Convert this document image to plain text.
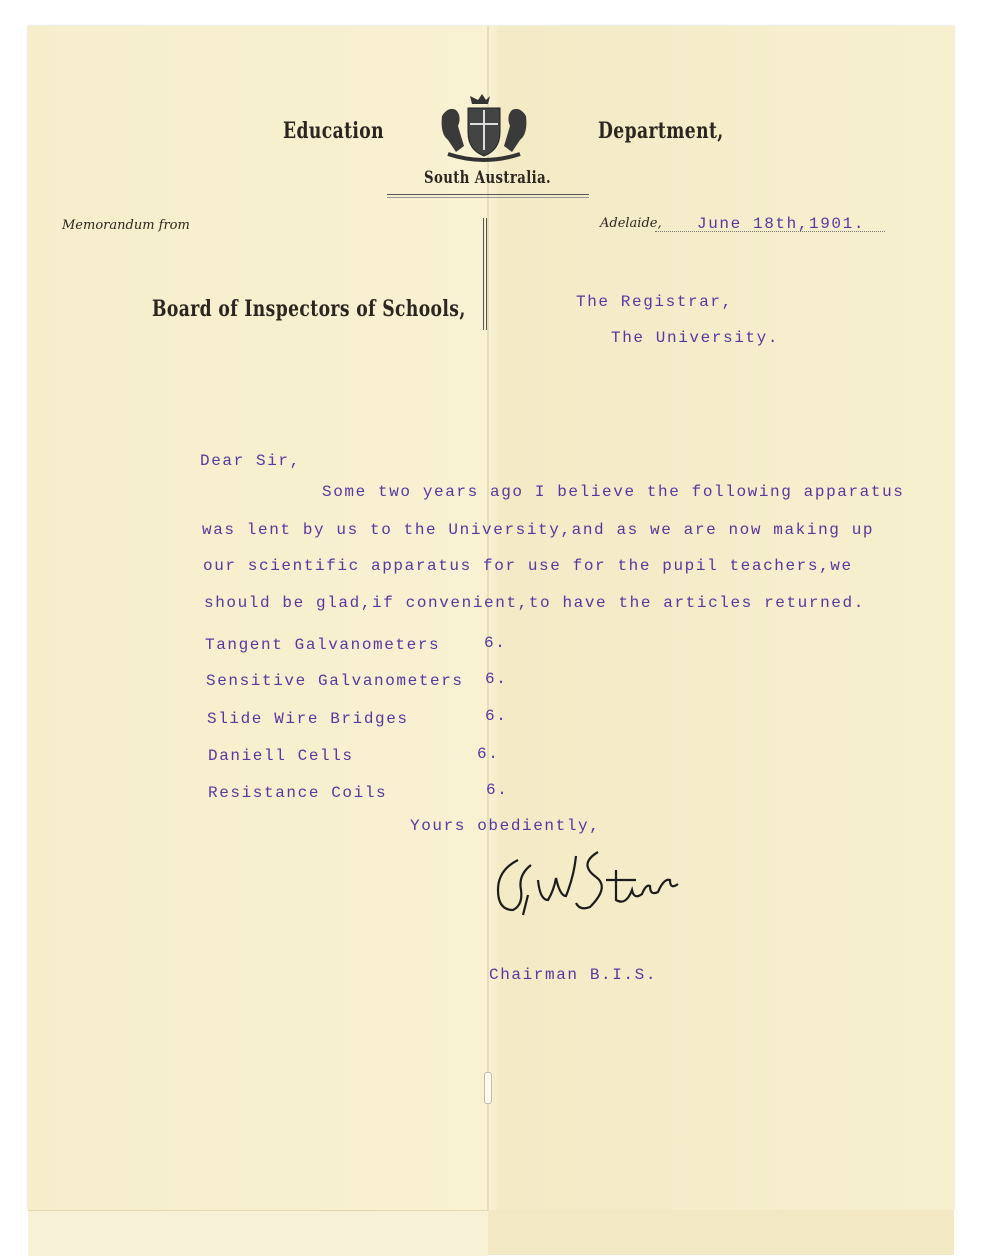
Education	Department,
South Australia.
Memorandum from	Adelaide, June 18th,1901.
Board of Inspectors of Schools,	The Registrar,
The University.
Dear Sir,
Some two years ago I believe the following apparatus
was lent by us to the University,and as we are now making up
our scientific apparatus for use for the pupil teachers,we
should be glad,if convenient,to have the articles returned.
Tangent Galvanometers	6.
Sensitive Galvanometers 6.
Slide Wire Bridges	6.
Daniell Cells	6.
Resistance Coils	6.
Yours obediently,
Chairman B.I.S.
